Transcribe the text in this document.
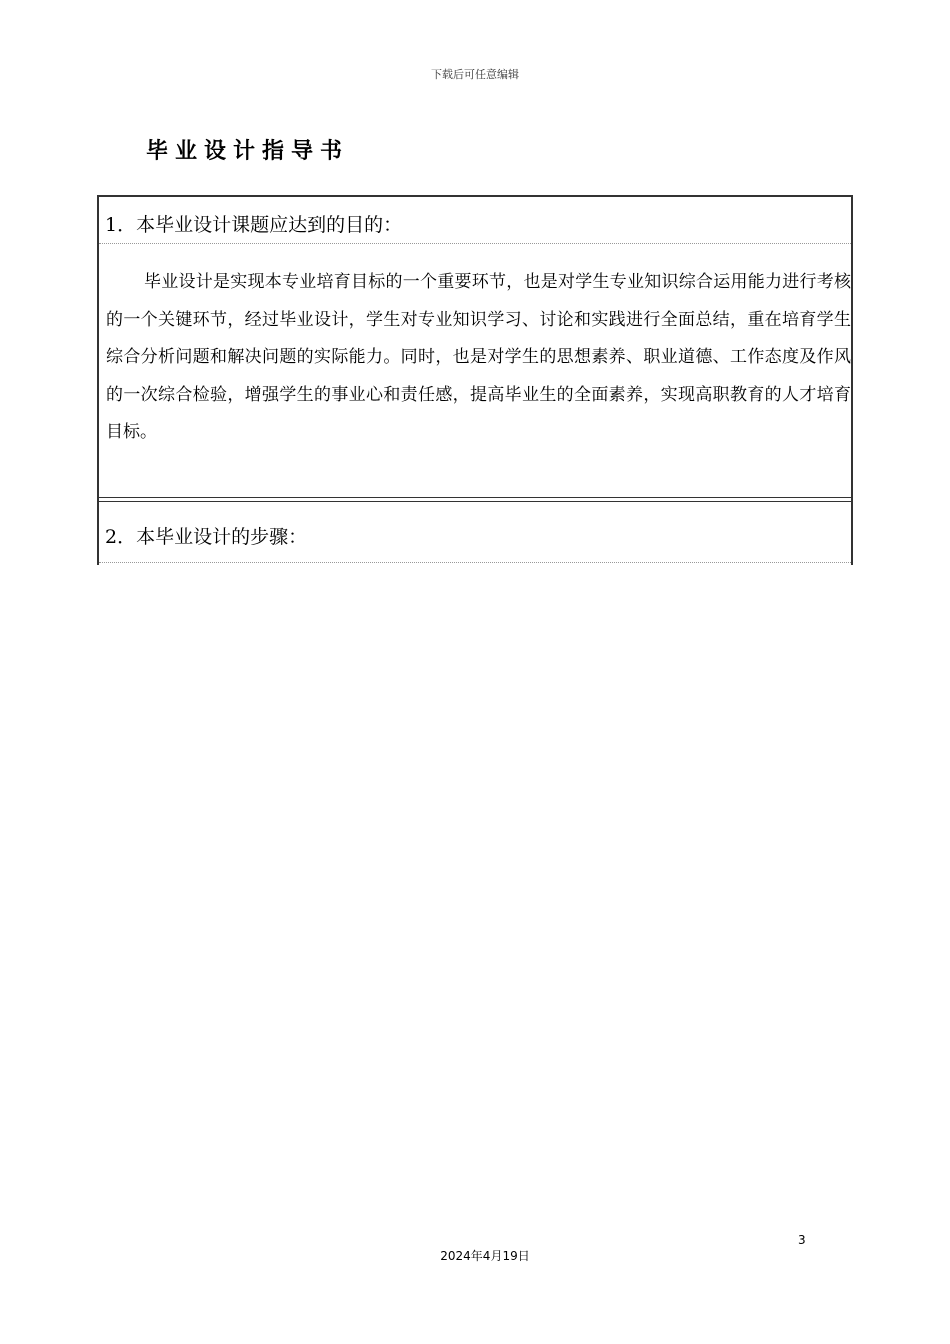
下载后可任意编辑
毕业设计指导书
1．本毕业设计课题应达到的目的：
毕业设计是实现本专业培育目标的一个重要环节，也是对学生专业知识综合运用能力进行考核的一个关键环节，经过毕业设计，学生对专业知识学习、讨论和实践进行全面总结，重在培育学生综合分析问题和解决问题的实际能力。同时，也是对学生的思想素养、职业道德、工作态度及作风的一次综合检验，增强学生的事业心和责任感，提高毕业生的全面素养，实现高职教育的人才培育目标。
2．本毕业设计的步骤：
3
2024年4月19日
